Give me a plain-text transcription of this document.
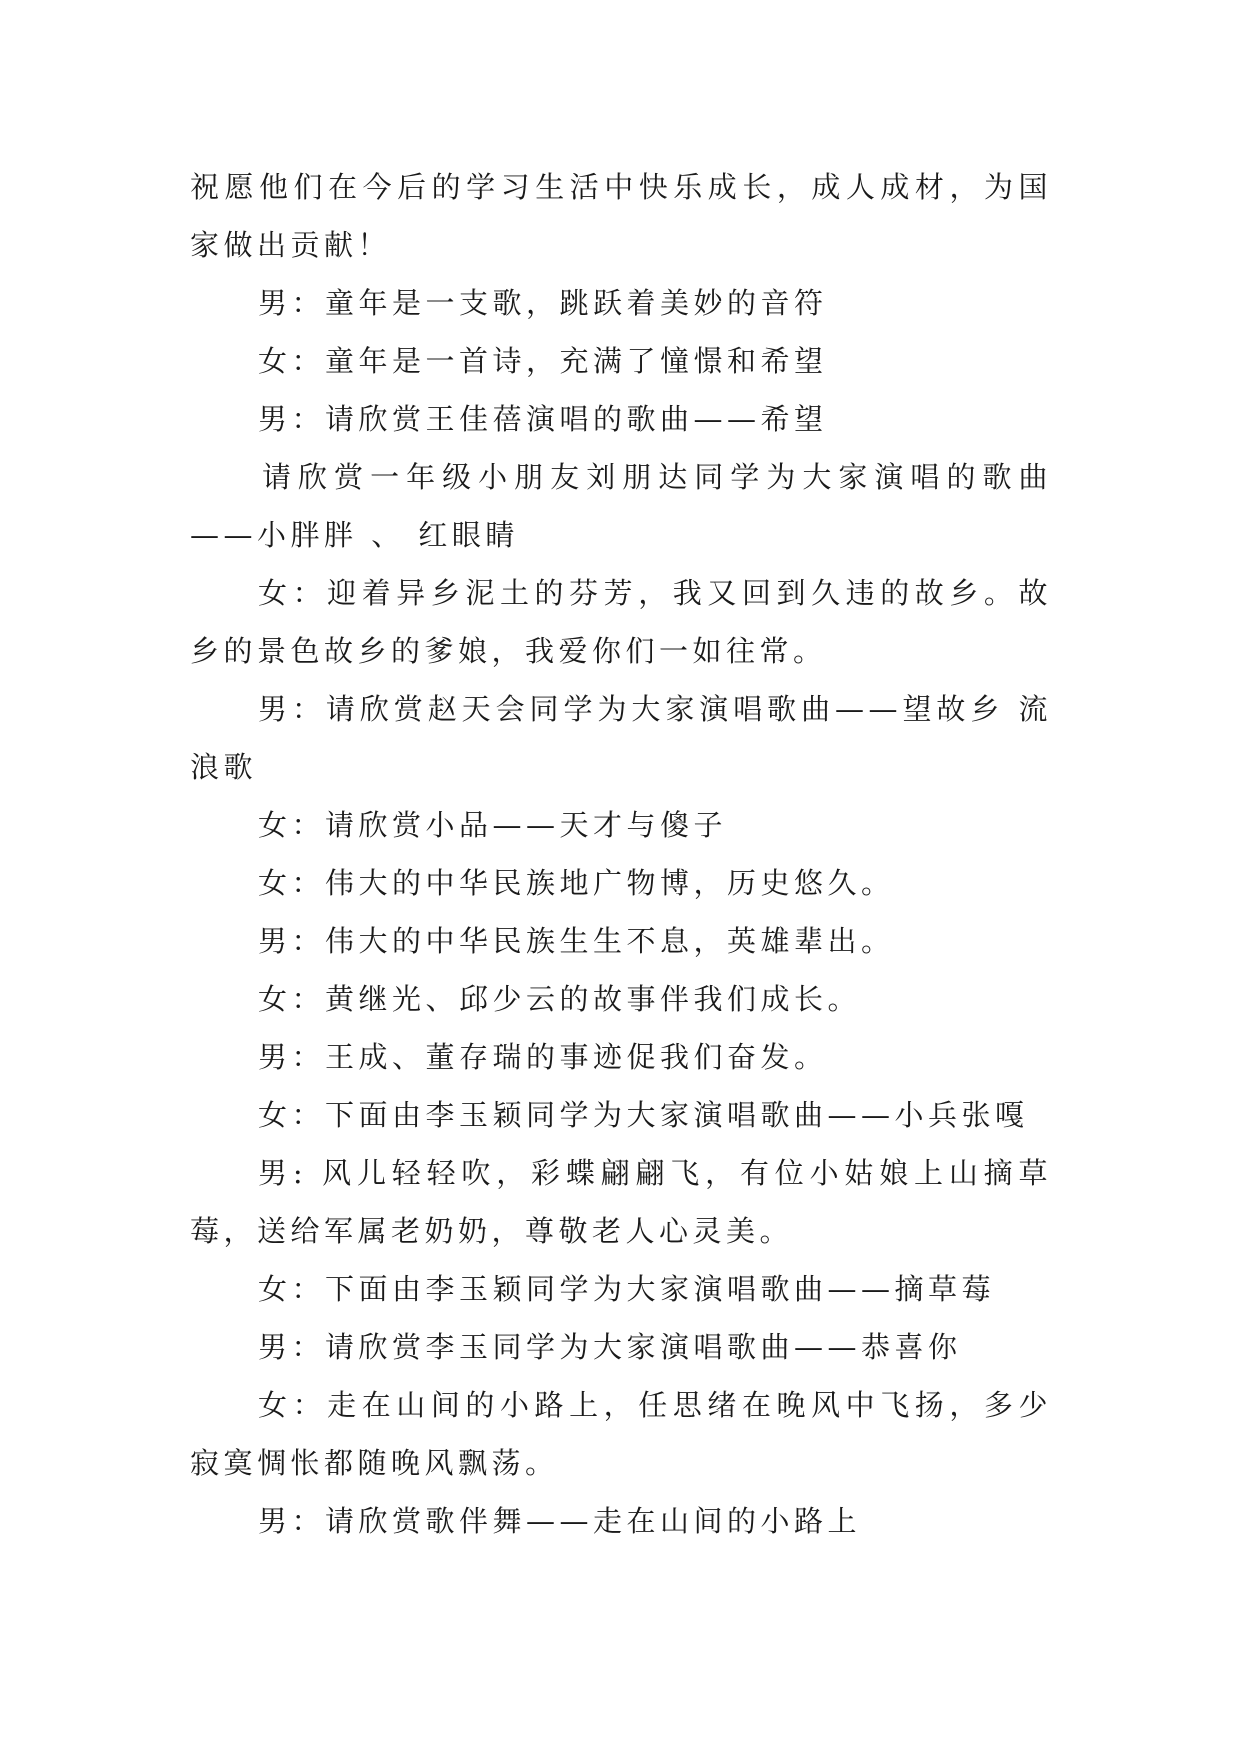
祝愿他们在今后的学习生活中快乐成长，成人成材，为国家做出贡献！

男：童年是一支歌，跳跃着美妙的音符

女：童年是一首诗，充满了憧憬和希望

男：请欣赏王佳蓓演唱的歌曲——希望

请欣赏一年级小朋友刘朋达同学为大家演唱的歌曲——小胖胖 、 红眼睛

女：迎着异乡泥土的芬芳，我又回到久违的故乡。故乡的景色故乡的爹娘，我爱你们一如往常。

男：请欣赏赵天会同学为大家演唱歌曲——望故乡 流浪歌

女：请欣赏小品——天才与傻子

女：伟大的中华民族地广物博，历史悠久。

男：伟大的中华民族生生不息，英雄辈出。

女：黄继光、邱少云的故事伴我们成长。

男：王成、董存瑞的事迹促我们奋发。

女：下面由李玉颖同学为大家演唱歌曲——小兵张嘎

男: 风儿轻轻吹，彩蝶翩翩飞，有位小姑娘上山摘草莓，送给军属老奶奶，尊敬老人心灵美。

女：下面由李玉颖同学为大家演唱歌曲——摘草莓

男：请欣赏李玉同学为大家演唱歌曲——恭喜你

女：走在山间的小路上，任思绪在晚风中飞扬，多少寂寞惆怅都随晚风飘荡。

男：请欣赏歌伴舞——走在山间的小路上
